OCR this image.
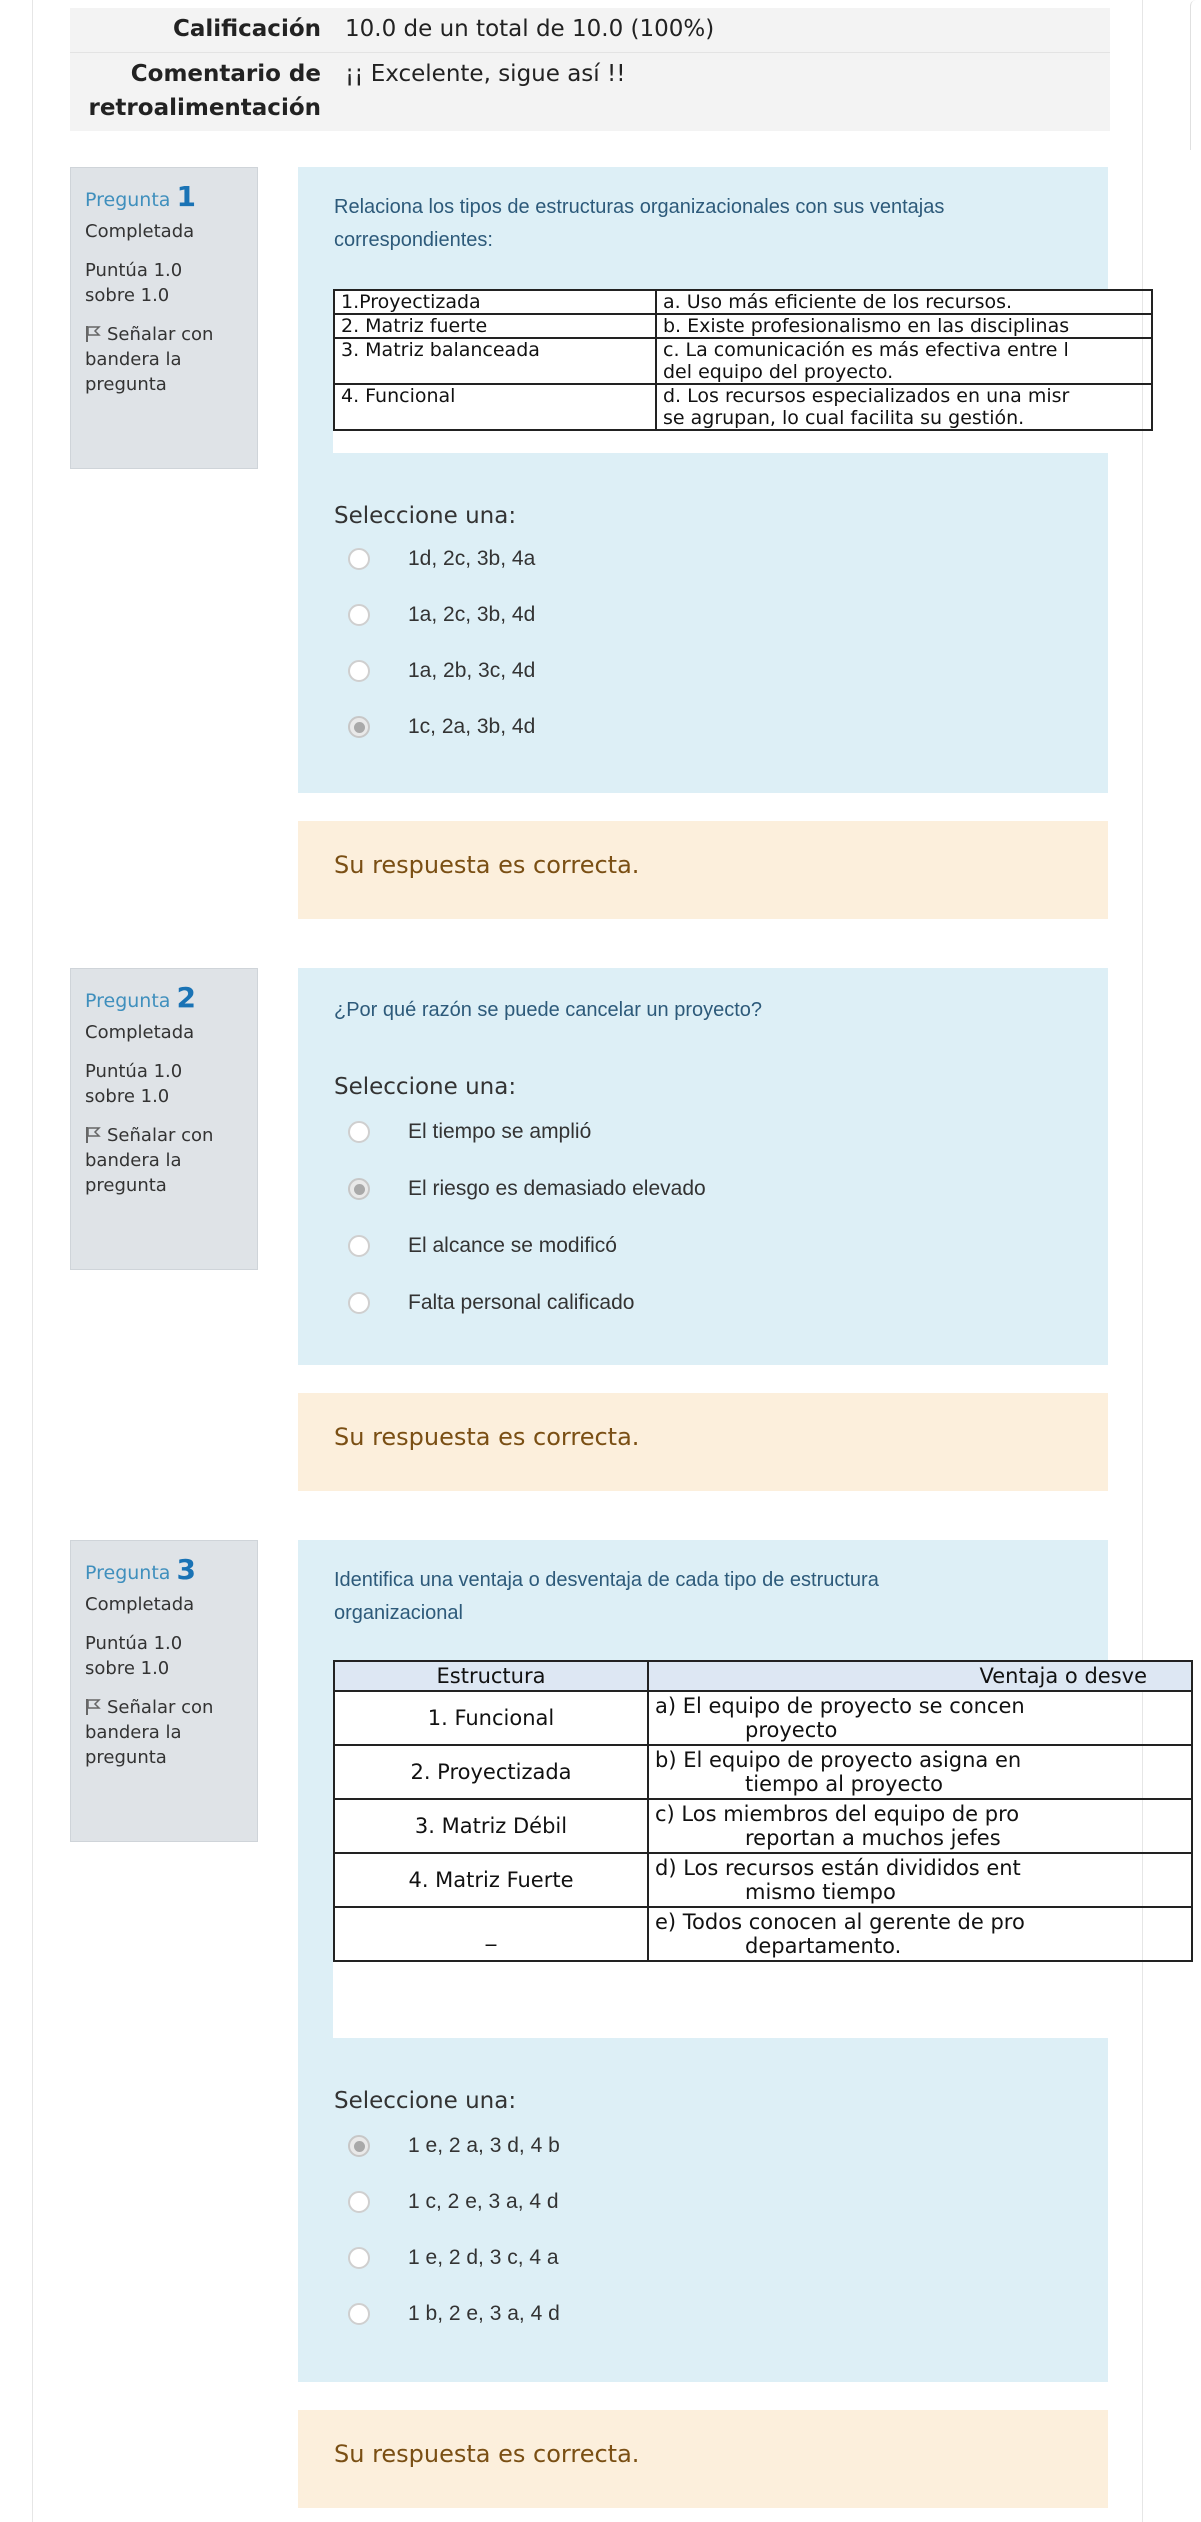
Calificación	10.0 de un total de 10.0 (100%)
Comentario de
retroalimentación
¡¡ Excelente, sigue así !!
Pregunta 1
Completada
Puntúa 1.0
sobre 1.0
Señalar con
bandera la
pregunta
Relaciona los tipos de estructuras organizacionales con sus ventajas
correspondientes:
1.Proyectizada	a. Uso más eficiente de los recursos.
2. Matriz fuerte	b. Existe profesionalismo en las disciplinas
3. Matriz balanceada	c. La comunicación es más efectiva entre l
del equipo del proyecto.

4. Funcional	d. Los recursos especializados en una misr
se agrupan, lo cual facilita su gestión.
Seleccione una:
1d, 2c, 3b, 4a
1a, 2c, 3b, 4d
1a, 2b, 3c, 4d
1c, 2a, 3b, 4d
Su respuesta es correcta.
Pregunta 2
Completada
Puntúa 1.0
sobre 1.0
Señalar con
bandera la
pregunta
¿Por qué razón se puede cancelar un proyecto?
Seleccione una:
El tiempo se amplió
El riesgo es demasiado elevado
El alcance se modificó
Falta personal calificado
Su respuesta es correcta.
Pregunta 3
Completada
Puntúa 1.0
sobre 1.0
Señalar con
bandera la
pregunta
Identifica una ventaja o desventaja de cada tipo de estructura
organizacional
Estructura	Ventaja o desve
1. Funcional	a) El equipo de proyecto se concen
proyecto

2. Proyectizada	b) El equipo de proyecto asigna en
tiempo al proyecto

3. Matriz Débil	c) Los miembros del equipo de pro
reportan a muchos jefes

4. Matriz Fuerte	d) Los recursos están divididos ent
mismo tiempo

_	e) Todos conocen al gerente de pro
departamento.
Seleccione una:
1 e, 2 a, 3 d, 4 b
1 c, 2 e, 3 a, 4 d
1 e, 2 d, 3 c, 4 a
1 b, 2 e, 3 a, 4 d
Su respuesta es correcta.
